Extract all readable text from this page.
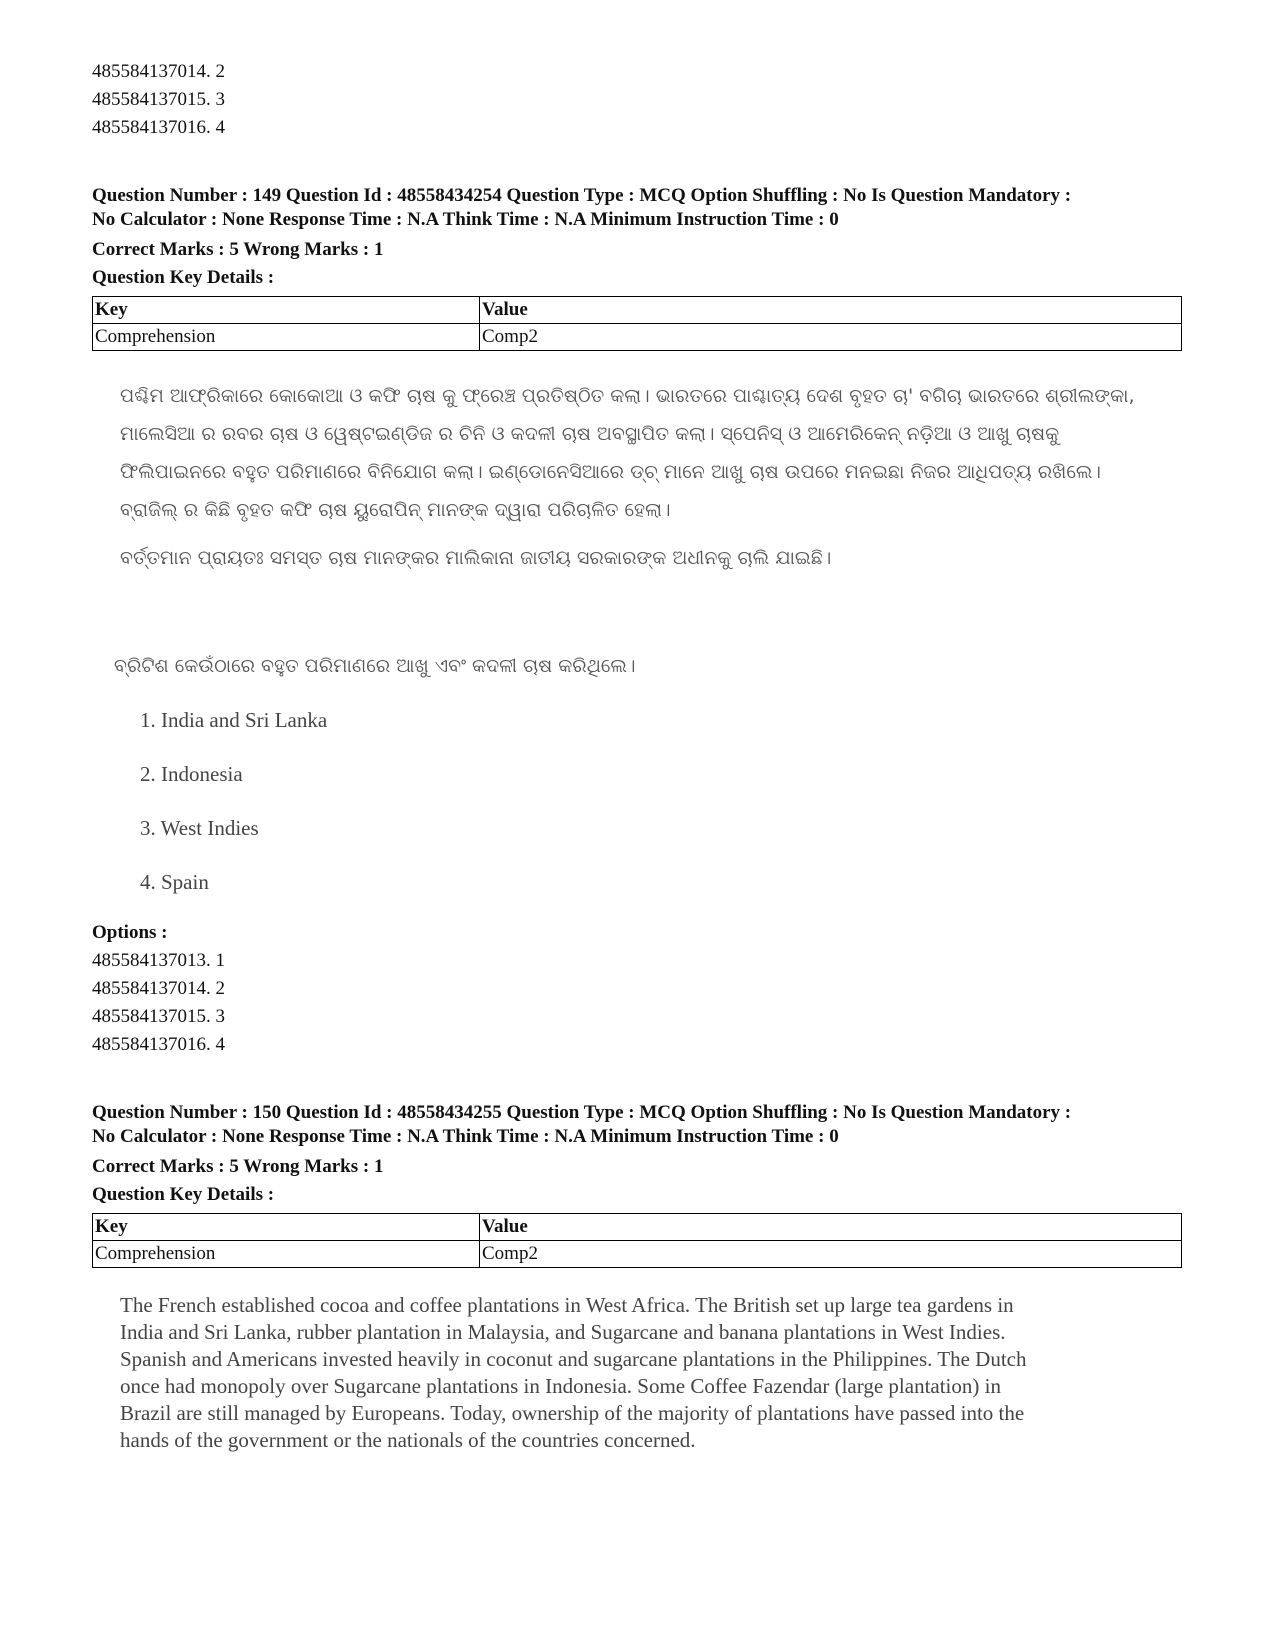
485584137014. 2
485584137015. 3
485584137016. 4
Question Number : 149 Question Id : 48558434254 Question Type : MCQ Option Shuffling : No Is Question Mandatory :
No Calculator : None Response Time : N.A Think Time : N.A Minimum Instruction Time : 0
Correct Marks : 5 Wrong Marks : 1
Question Key Details :
Key	Value
Comprehension	Comp2

ପଶ୍ଚିମ ଆଫ୍ରିକାରେ କୋକୋଆ ଓ କଫି ଚାଷ କୁ ଫ୍ରେଞ୍ଚ ପ୍ରତିଷ୍ଠିତ କଲା। ଭାରତରେ ପାଶ୍ଚାତ୍ୟ ଦେଶ ବୃହତ ଚା' ବଗିଚା ଭାରତରେ ଶ୍ରୀଲଙ୍କା,

ମାଲେସିଆ ର ରବର ଚାଷ ଓ ୱେଷ୍ଟଇଣ୍ଡିଜ ର ଚିନି ଓ କଦଳୀ ଚାଷ ଅବସ୍ଥାପିତ କଲା। ସ୍ପେନିସ୍ ଓ ଆମେରିକେନ୍ ନଡ଼ିଆ ଓ ଆଖୁ ଚାଷକୁ

ଫିଲିପାଇନରେ ବହୁତ ପରିମାଣରେ ବିନିଯୋଗ କଲା। ଇଣ୍ଡୋନେସିଆରେ ଡ୍ଚ୍ ମାନେ ଆଖୁ ଚାଷ ଉପରେ ମନଇଛା ନିଜର ଆଧିପତ୍ୟ ରଖିଲେ।

ବ୍ରାଜିଲ୍ ର କିଛି ବୃହତ କଫି ଚାଷ ୟୁରୋପିନ୍ ମାନଙ୍କ ଦ୍ୱାରା ପରିଚାଳିତ ହେଲା।

ବର୍ତ୍ତମାନ ପ୍ରାୟତଃ ସମସ୍ତ ଚାଷ ମାନଙ୍କର ମାଲିକାନା ଜାତୀୟ ସରକାରଙ୍କ ଅଧୀନକୁ ଚାଲି ଯାଇଛି।

ବ୍ରିଟିଶ କେଉଁଠାରେ ବହୁତ ପରିମାଣରେ ଆଖୁ ଏବଂ କଦଳୀ ଚାଷ କରିଥିଲେ।
1. India and Sri Lanka
2. Indonesia
3. West Indies
4. Spain
Options :
485584137013. 1
485584137014. 2
485584137015. 3
485584137016. 4
Question Number : 150 Question Id : 48558434255 Question Type : MCQ Option Shuffling : No Is Question Mandatory :
No Calculator : None Response Time : N.A Think Time : N.A Minimum Instruction Time : 0
Correct Marks : 5 Wrong Marks : 1
Question Key Details :
Key	Value
Comprehension	Comp2
The French established cocoa and coffee plantations in West Africa. The British set up large tea gardens in
India and Sri Lanka, rubber plantation in Malaysia, and Sugarcane and banana plantations in West Indies.
Spanish and Americans invested heavily in coconut and sugarcane plantations in the Philippines. The Dutch
once had monopoly over Sugarcane plantations in Indonesia. Some Coffee Fazendar (large plantation) in
Brazil are still managed by Europeans. Today, ownership of the majority of plantations have passed into the
hands of the government or the nationals of the countries concerned.
